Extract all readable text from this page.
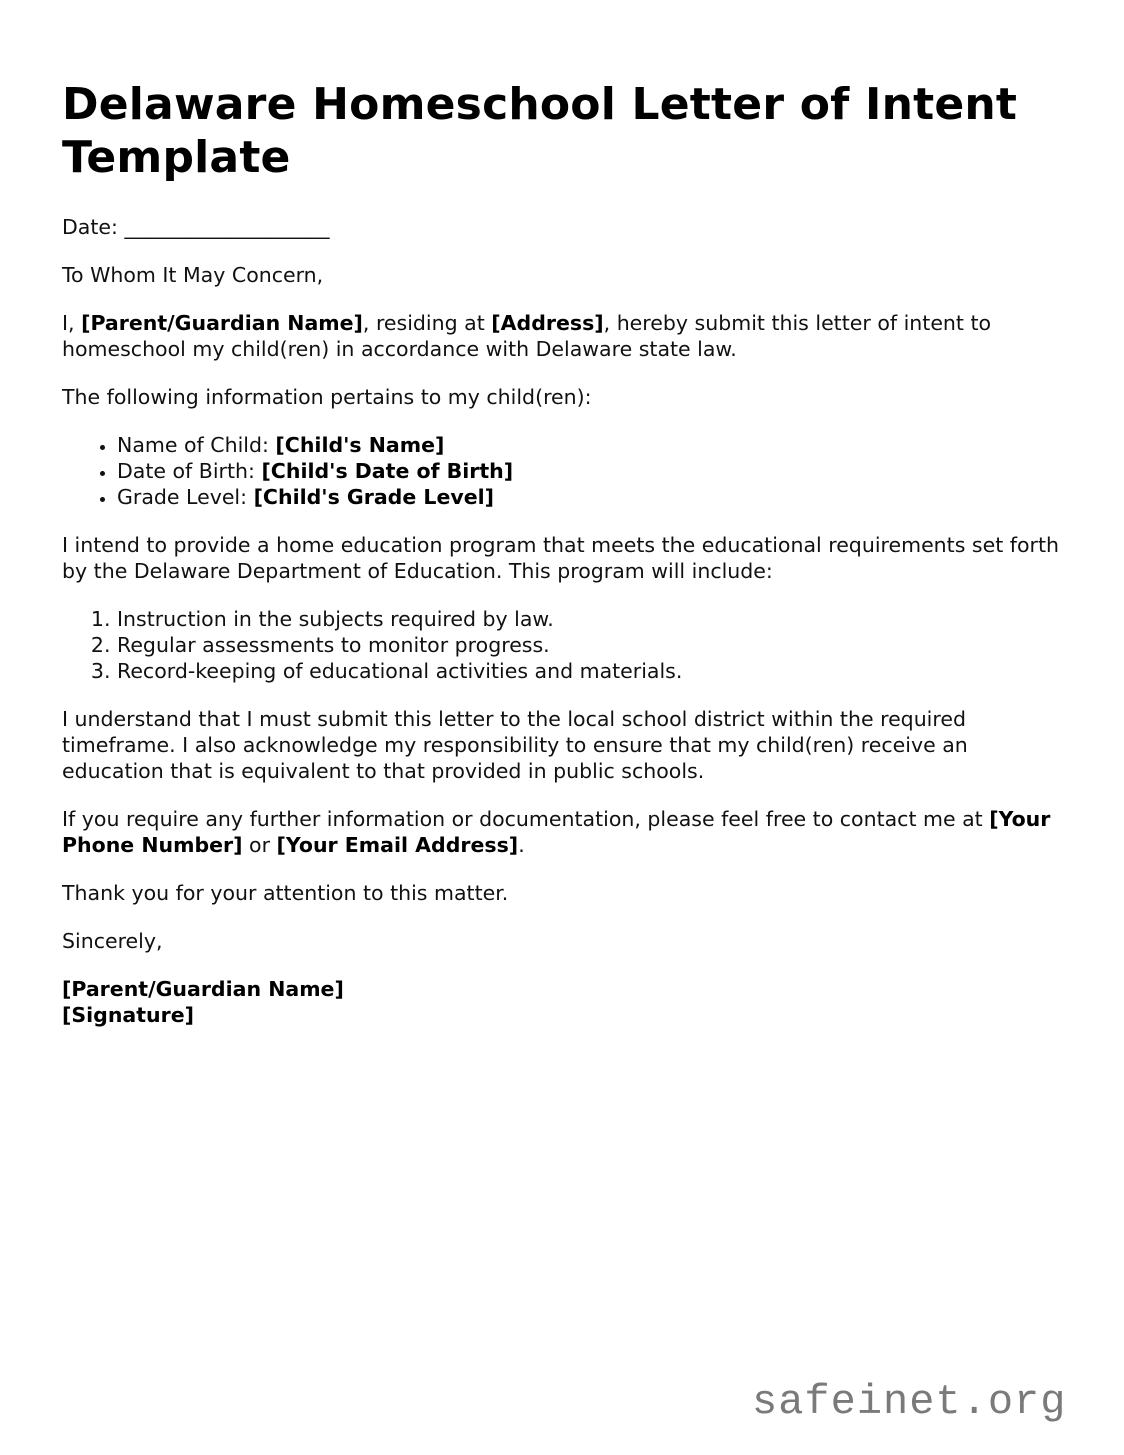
Delaware Homeschool Letter of Intent Template

Date: ____________________

To Whom It May Concern,

I, [Parent/Guardian Name], residing at [Address], hereby submit this letter of intent to homeschool my child(ren) in accordance with Delaware state law.

The following information pertains to my child(ren):

• Name of Child: [Child's Name]
• Date of Birth: [Child's Date of Birth]
• Grade Level: [Child's Grade Level]

I intend to provide a home education program that meets the educational requirements set forth by the Delaware Department of Education. This program will include:

1. Instruction in the subjects required by law.
2. Regular assessments to monitor progress.
3. Record-keeping of educational activities and materials.

I understand that I must submit this letter to the local school district within the required timeframe. I also acknowledge my responsibility to ensure that my child(ren) receive an education that is equivalent to that provided in public schools.

If you require any further information or documentation, please feel free to contact me at [Your Phone Number] or [Your Email Address].

Thank you for your attention to this matter.

Sincerely,

[Parent/Guardian Name]

[Signature]

safeinet.org
